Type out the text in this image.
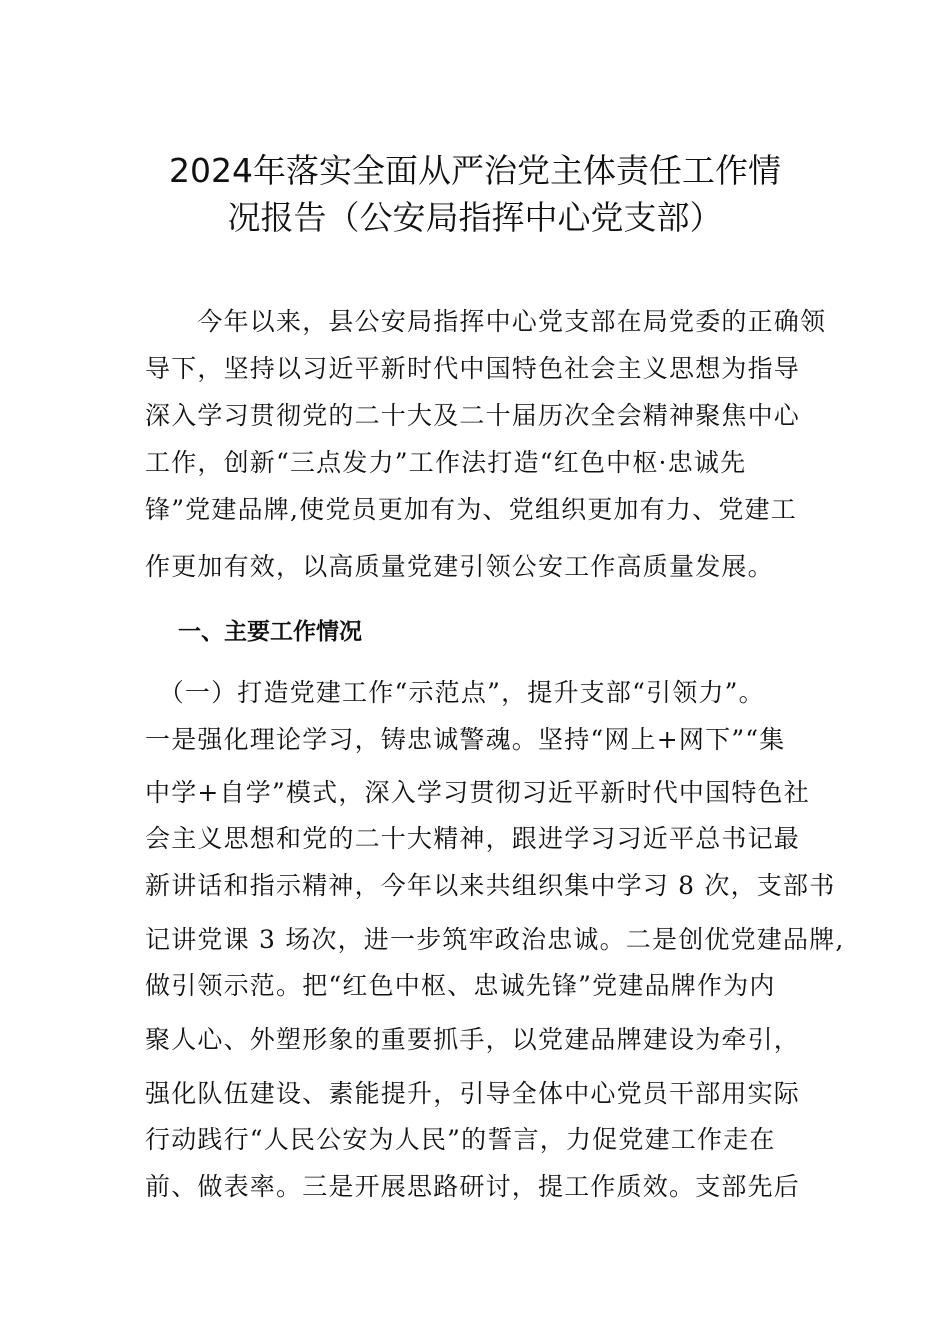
2024年落实全面从严治党主体责任工作情
况报告（公安局指挥中心党支部）

　　今年以来，县公安局指挥中心党支部在局党委的正确领

导下，坚持以习近平新时代中国特色社会主义思想为指导

深入学习贯彻党的二十大及二十届历次全会精神聚焦中心

工作，创新“三点发力”工作法打造“红色中枢·忠诚先

锋”党建品牌,使党员更加有为、党组织更加有力、党建工

作更加有效，以高质量党建引领公安工作高质量发展。

一、主要工作情况

　（一）打造党建工作“示范点”，提升支部“引领力”。

一是强化理论学习，铸忠诚警魂。坚持“网上+网下”“集

中学+自学”模式，深入学习贯彻习近平新时代中国特色社

会主义思想和党的二十大精神，跟进学习习近平总书记最

新讲话和指示精神，今年以来共组织集中学习 8 次，支部书

记讲党课 3 场次，进一步筑牢政治忠诚。二是创优党建品牌,

做引领示范。把“红色中枢、忠诚先锋”党建品牌作为内

聚人心、外塑形象的重要抓手，以党建品牌建设为牵引，

强化队伍建设、素能提升，引导全体中心党员干部用实际

行动践行“人民公安为人民”的誓言，力促党建工作走在

前、做表率。三是开展思路研讨，提工作质效。支部先后
